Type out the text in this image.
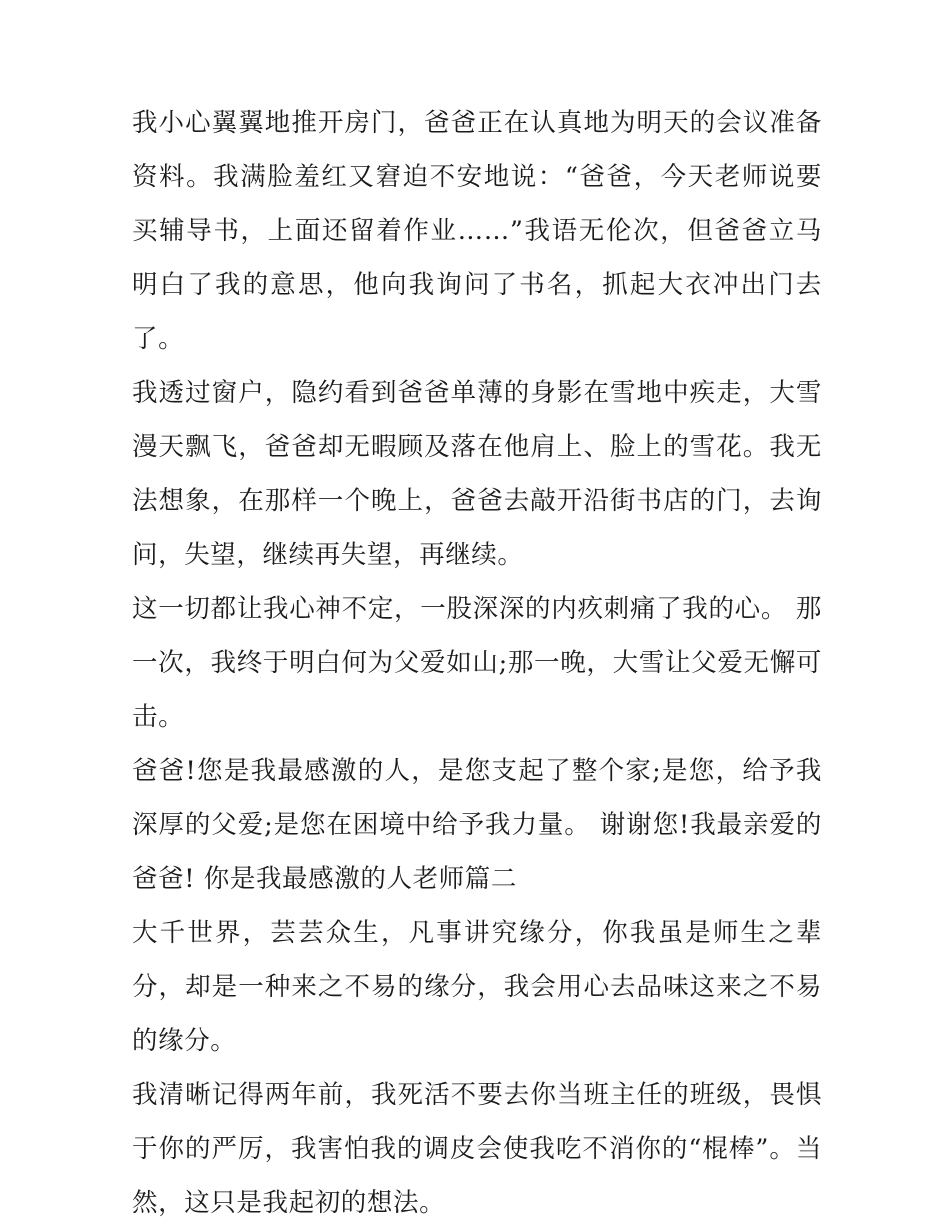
我小心翼翼地推开房门，爸爸正在认真地为明天的会议准备资料。我满脸羞红又窘迫不安地说：“爸爸，今天老师说要买辅导书，上面还留着作业……”我语无伦次，但爸爸立马明白了我的意思，他向我询问了书名，抓起大衣冲出门去了。

我透过窗户，隐约看到爸爸单薄的身影在雪地中疾走，大雪漫天飘飞，爸爸却无暇顾及落在他肩上、脸上的雪花。我无法想象，在那样一个晚上，爸爸去敲开沿街书店的门，去询问，失望，继续再失望，再继续。

这一切都让我心神不定，一股深深的内疚刺痛了我的心。 那一次，我终于明白何为父爱如山;那一晚，大雪让父爱无懈可击。

爸爸!您是我最感激的人，是您支起了整个家;是您，给予我深厚的父爱;是您在困境中给予我力量。 谢谢您!我最亲爱的爸爸! 你是我最感激的人老师篇二

大千世界，芸芸众生，凡事讲究缘分，你我虽是师生之辈分，却是一种来之不易的缘分，我会用心去品味这来之不易的缘分。

我清晰记得两年前，我死活不要去你当班主任的班级，畏惧于你的严厉，我害怕我的调皮会使我吃不消你的“棍棒”。当然，这只是我起初的想法。
